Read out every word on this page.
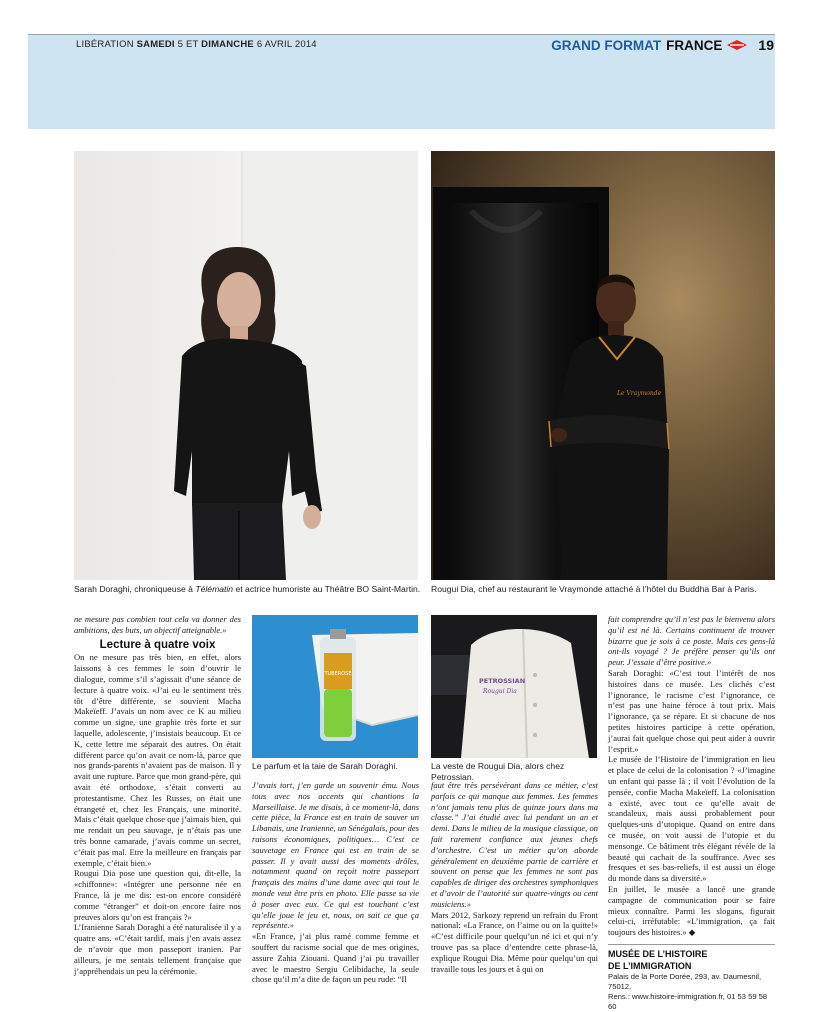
LIBÉRATION SAMEDI 5 ET DIMANCHE 6 AVRIL 2014	GRAND FORMAT FRANCE	19
Sarah Doraghi, chroniqueuse à Télématin et actrice humoriste au Théâtre BO Saint-Martin.
Le Vraymonde
Rougui Dia, chef au restaurant le Vraymonde attaché à l’hôtel du Buddha Bar à Paris.
TUBEROSE
Le parfum et la taie de Sarah Doraghi.
PETROSSIAN
Rougui Dia
La veste de Rougui Dia, alors chez Petrossian.

ne mesure pas combien tout cela va donner des ambitions, des buts, un objectif atteignable.»

Lecture à quatre voix

On ne mesure pas très bien, en effet, alors laissons à ces femmes le soin d’ouvrir le dialogue, comme s’il s’agissait d’une séance de lecture à quatre voix. «J’ai eu le sentiment très tôt d’être différente, se souvient Macha Makeïeff. J’avais un nom avec ce K au milieu comme un signe, une graphie très forte et sur laquelle, adolescente, j’insistais beaucoup. Et ce K, cette lettre me séparait des autres. On était différent parce qu’on avait ce nom-là, parce que nos grands-parents n’avaient pas de maison. Il y avait une rupture. Parce que mon grand-père, qui avait été orthodoxe, s’était converti au protestantisme. Chez les Russes, on était une étrangeté et, chez les Français, une minorité. Mais c’était quelque chose que j’aimais bien, qui me rendait un peu sauvage, je n’étais pas une très bonne camarade, j’avais comme un secret, c’était pas mal. Etre la meilleure en français par exemple, c’était bien.»

Rougui Dia pose une question qui, dit-elle, la «chiffonne»: «Intégrer une personne née en France, là je me dis: est-on encore considéré comme “étranger” et doit-on encore faire nos preuves alors qu’on est français ?»

L’Iranienne Sarah Doraghi a été naturalisée il y a quatre ans. «C’était tardif, mais j’en avais assez de n’avoir que mon passeport iranien. Par ailleurs, je me sentais tellement française que j’appréhendais un peu la cérémonie.

J’avais tort, j’en garde un souvenir ému. Nous tous avec nos accents qui chantions la Marseillaise. Je me disais, à ce moment-là, dans cette pièce, la France est en train de sauver un Libanais, une Iranienne, un Sénégalais, pour des raisons économiques, politiques… C’est ce sauvetage en France qui est en train de se passer. Il y avait aussi des moments drôles, notamment quand on reçoit notre passeport français des mains d’une dame avec qui tout le monde veut être pris en photo. Elle passe sa vie à poser avec eux. Ce qui est touchant c’est qu’elle joue le jeu et, nous, on sait ce que ça représente.»

«En France, j’ai plus ramé comme femme et souffert du racisme social que de mes origines, assure Zahia Ziouani. Quand j’ai pu travailler avec le maestro Sergiu Celibidache, la seule chose qu’il m’a dite de façon un peu rude: “Il

faut être très persévérant dans ce métier, c’est parfois ce qui manque aux femmes. Les femmes n’ont jamais tenu plus de quinze jours dans ma classe.” J’ai étudié avec lui pendant un an et demi. Dans le milieu de la musique classique, on fait rarement confiance aux jeunes chefs d’orchestre. C’est un métier qu’on aborde généralement en deuxième partie de carrière et souvent on pense que les femmes ne sont pas capables de diriger des orchestres symphoniques et d’avoir de l’autorité sur quatre-vingts ou cent musiciens.»

Mars 2012, Sarkozy reprend un refrain du Front national: «La France, on l’aime ou on la quitte!» «C’est difficile pour quelqu’un né ici et qui n’y trouve pas sa place d’entendre cette phrase-là, explique Rougui Dia. Même pour quelqu’un qui travaille tous les jours et à qui on

fait comprendre qu’il n’est pas le bienvenu alors qu’il est né là. Certains continuent de trouver bizarre que je sois à ce poste. Mais ces gens-là ont-ils voyagé ? Je préfère penser qu’ils ont peur. J’essaie d’être positive.»

Sarah Doraghi: «C’est tout l’intérêt de nos histoires dans ce musée. Les clichés c’est l’ignorance, le racisme c’est l’ignorance, ce n’est pas une haine féroce à tout prix. Mais l’ignorance, ça se répare. Et si chacune de nos petites histoires participe à cette opération, j’aurai fait quelque chose qui peut aider à ouvrir l’esprit.»

Le musée de l’Histoire de l’immigration en lieu et place de celui de la colonisation ? «J’imagine un enfant qui passe là ; il voit l’évolution de la pensée, confie Macha Makeïeff. La colonisation a existé, avec tout ce qu’elle avait de scandaleux, mais aussi probablement pour quelques-uns d’utopique. Quand on entre dans ce musée, on voit aussi de l’utopie et du mensonge. Ce bâtiment très élégant révèle de la beauté qui cachait de la souffrance. Avec ses fresques et ses bas-reliefs, il est aussi un éloge du monde dans sa diversité.»

En juillet, le musée a lancé une grande campagne de communication pour se faire mieux connaître. Parmi les slogans, figurait celui-ci, irréfutable: «L’immigration, ça fait toujours des histoires.» ◆

MUSÉE DE L’HISTOIRE
DE L’IMMIGRATION
Palais de la Porte Dorée, 293, av. Daumesnil, 75012.
Rens.: www.histoire-immigration.fr, 01 53 59 58 60
